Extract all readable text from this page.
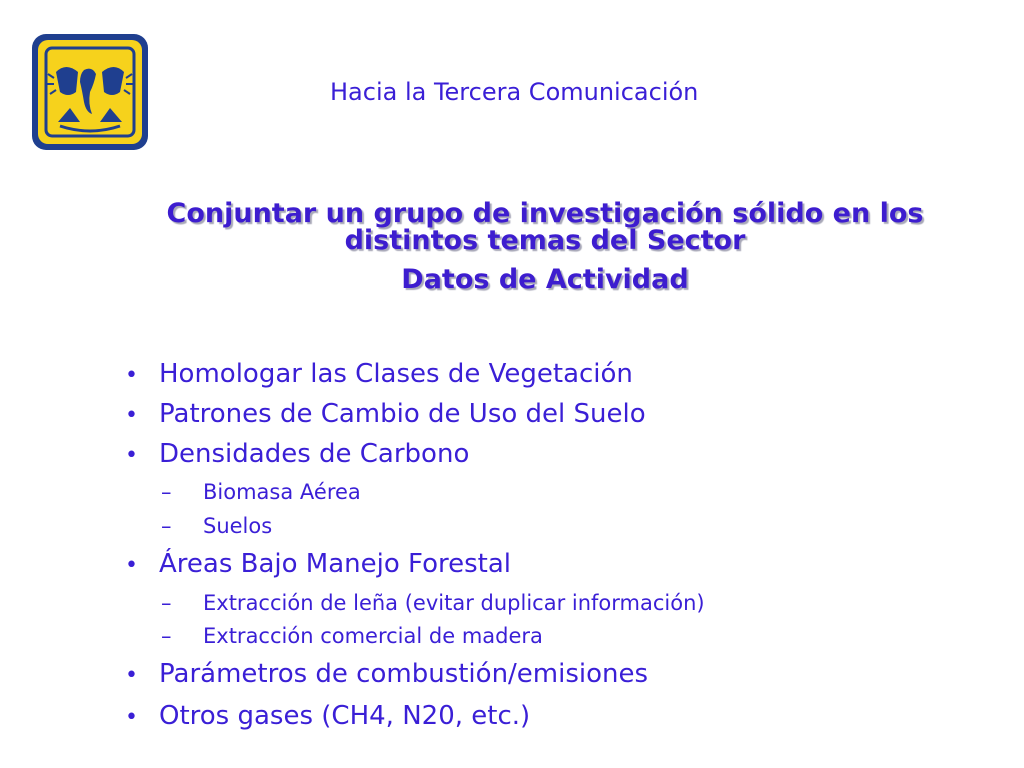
Hacia la Tercera Comunicación
Conjuntar un grupo de investigación sólido en los distintos temas del Sector
Datos de Actividad
• Homologar las Clases de Vegetación
• Patrones de Cambio de Uso del Suelo
• Densidades de Carbono
– Biomasa Aérea
– Suelos
• Áreas Bajo Manejo Forestal
– Extracción de leña (evitar duplicar información)
– Extracción comercial de madera
• Parámetros de combustión/emisiones
• Otros gases (CH4, N20, etc.)
